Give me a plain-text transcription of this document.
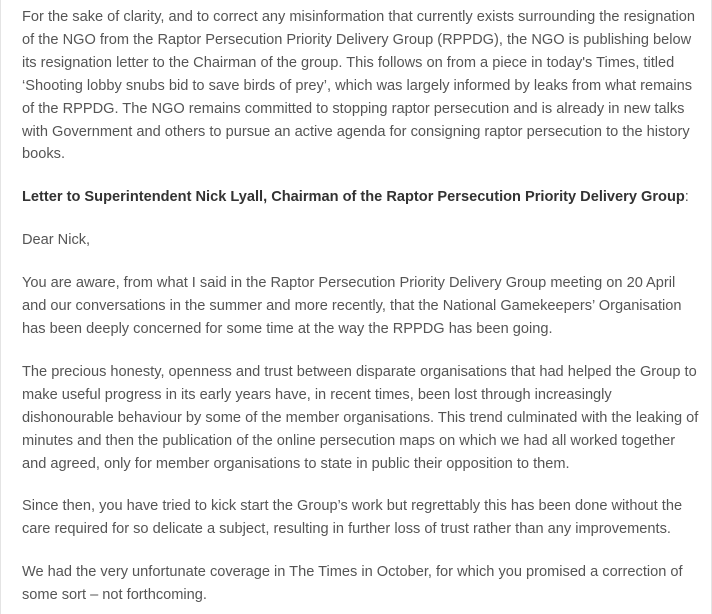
For the sake of clarity, and to correct any misinformation that currently exists surrounding the resignation of the NGO from the Raptor Persecution Priority Delivery Group (RPPDG), the NGO is publishing below its resignation letter to the Chairman of the group. This follows on from a piece in today's Times, titled ‘Shooting lobby snubs bid to save birds of prey’, which was largely informed by leaks from what remains of the RPPDG. The NGO remains committed to stopping raptor persecution and is already in new talks with Government and others to pursue an active agenda for consigning raptor persecution to the history books.

Letter to Superintendent Nick Lyall, Chairman of the Raptor Persecution Priority Delivery Group:

Dear Nick,

You are aware, from what I said in the Raptor Persecution Priority Delivery Group meeting on 20 April and our conversations in the summer and more recently, that the National Gamekeepers’ Organisation has been deeply concerned for some time at the way the RPPDG has been going.

The precious honesty, openness and trust between disparate organisations that had helped the Group to make useful progress in its early years have, in recent times, been lost through increasingly dishonourable behaviour by some of the member organisations. This trend culminated with the leaking of minutes and then the publication of the online persecution maps on which we had all worked together and agreed, only for member organisations to state in public their opposition to them.

Since then, you have tried to kick start the Group’s work but regrettably this has been done without the care required for so delicate a subject, resulting in further loss of trust rather than any improvements.

We had the very unfortunate coverage in The Times in October, for which you promised a correction of some sort – not forthcoming.
